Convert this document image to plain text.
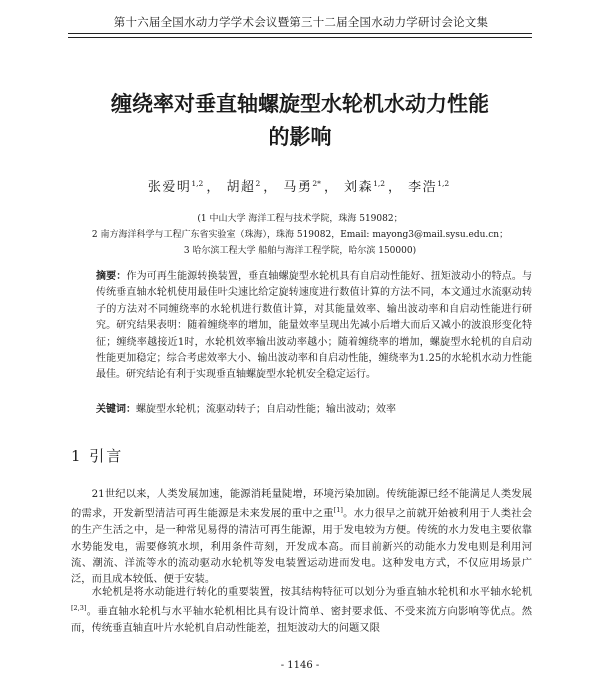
第十六届全国水动力学学术会议暨第三十二届全国水动力学研讨会论文集
缠绕率对垂直轴螺旋型水轮机水动力性能
的影响
张爱明$^{1,2}$ ， 胡超$^2$ ， 马勇$^{2*}$ ， 刘森$^{1,2}$ ， 李浩$^{1,2}$
(1 中山大学 海洋工程与技术学院，珠海 519082；
2 南方海洋科学与工程广东省实验室（珠海），珠海 519082，Email: mayong3@mail.sysu.edu.cn；
3 哈尔滨工程大学 船舶与海洋工程学院，哈尔滨 150000)
摘要：作为可再生能源转换装置，垂直轴螺旋型水轮机具有自启动性能好、扭矩波动小的特点。与传统垂直轴水轮机使用最佳叶尖速比给定旋转速度进行数值计算的方法不同，本文通过水流驱动转子的方法对不同缠绕率的水轮机进行数值计算，对其能量效率、输出波动率和自启动性能进行研究。研究结果表明：随着缠绕率的增加，能量效率呈现出先减小后增大而后又减小的波浪形变化特征；缠绕率越接近1时，水轮机效率输出波动率越小；随着缠绕率的增加，螺旋型水轮机的自启动性能更加稳定；综合考虑效率大小、输出波动率和自启动性能，缠绕率为1.25的水轮机水动力性能最佳。研究结论有利于实现垂直轴螺旋型水轮机安全稳定运行。
关键词：螺旋型水轮机；流驱动转子；自启动性能；输出波动；效率
1 引言
21世纪以来，人类发展加速，能源消耗量陡增，环境污染加剧。传统能源已经不能满足人类发展的需求，开发新型清洁可再生能源是未来发展的重中之重[1]。水力很早之前就开始被利用于人类社会的生产生活之中，是一种常见易得的清洁可再生能源，用于发电较为方便。传统的水力发电主要依靠水势能发电，需要修筑水坝，利用条件苛刻，开发成本高。而目前新兴的动能水力发电则是利用河流、潮流、洋流等水的流动驱动水轮机等发电装置运动进而发电。这种发电方式，不仅应用场景广泛，而且成本较低、便于安装。
水轮机是将水动能进行转化的重要装置，按其结构特征可以划分为垂直轴水轮机和水平轴水轮机[2,3]。垂直轴水轮机与水平轴水轮机相比具有设计简单、密封要求低、不受来流方向影响等优点。然而，传统垂直轴直叶片水轮机自启动性能差，扭矩波动大的问题又限
- 1146 -
